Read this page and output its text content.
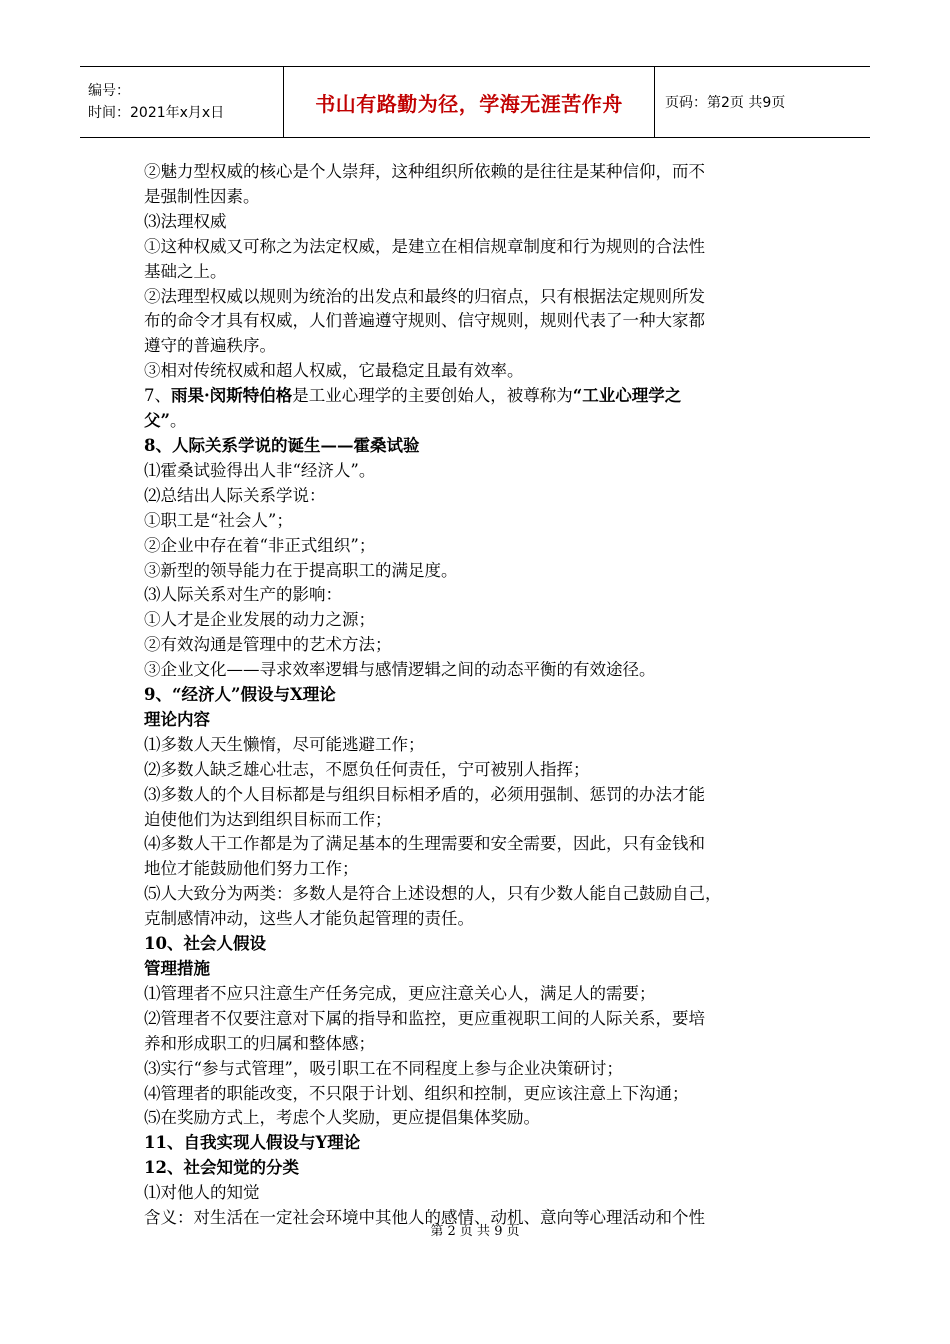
编号：
时间：2021年x月x日	书山有路勤为径，学海无涯苦作舟	页码：第2页 共9页

②魅力型权威的核心是个人崇拜，这种组织所依赖的是往往是某种信仰，而不

是强制性因素。

⑶法理权威

①这种权威又可称之为法定权威，是建立在相信规章制度和行为规则的合法性

基础之上。

②法理型权威以规则为统治的出发点和最终的归宿点，只有根据法定规则所发

布的命令才具有权威，人们普遍遵守规则、信守规则，规则代表了一种大家都

遵守的普遍秩序。

③相对传统权威和超人权威，它最稳定且最有效率。

7、雨果·闵斯特伯格是工业心理学的主要创始人，被尊称为“工业心理学之

父”。

8、人际关系学说的诞生——霍桑试验

⑴霍桑试验得出人非“经济人”。

⑵总结出人际关系学说：

①职工是“社会人”；

②企业中存在着“非正式组织”；

③新型的领导能力在于提高职工的满足度。

⑶人际关系对生产的影响：

①人才是企业发展的动力之源；

②有效沟通是管理中的艺术方法；

③企业文化——寻求效率逻辑与感情逻辑之间的动态平衡的有效途径。

9、“经济人”假设与X理论

理论内容

⑴多数人天生懒惰，尽可能逃避工作；

⑵多数人缺乏雄心壮志，不愿负任何责任，宁可被别人指挥；

⑶多数人的个人目标都是与组织目标相矛盾的，必须用强制、惩罚的办法才能

迫使他们为达到组织目标而工作；

⑷多数人干工作都是为了满足基本的生理需要和安全需要，因此，只有金钱和

地位才能鼓励他们努力工作；

⑸人大致分为两类：多数人是符合上述设想的人，只有少数人能自己鼓励自己，

克制感情冲动，这些人才能负起管理的责任。

10、社会人假设

管理措施

⑴管理者不应只注意生产任务完成，更应注意关心人，满足人的需要；

⑵管理者不仅要注意对下属的指导和监控，更应重视职工间的人际关系，要培

养和形成职工的归属和整体感；

⑶实行“参与式管理”，吸引职工在不同程度上参与企业决策研讨；

⑷管理者的职能改变，不只限于计划、组织和控制，更应该注意上下沟通；

⑸在奖励方式上，考虑个人奖励，更应提倡集体奖励。

11、自我实现人假设与Y理论

12、社会知觉的分类

⑴对他人的知觉

含义：对生活在一定社会环境中其他人的感情、动机、意向等心理活动和个性

第 2 页 共 9 页
